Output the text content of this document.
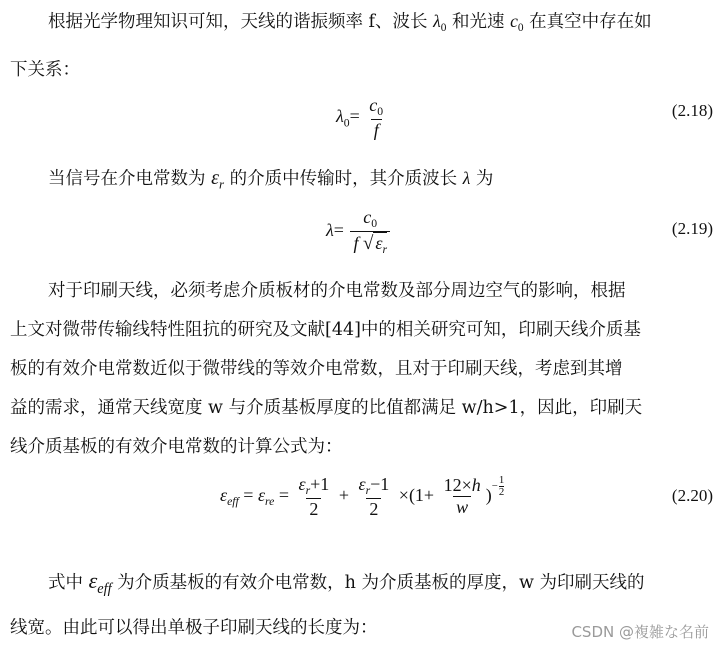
根据光学物理知识可知，天线的谐振频率 f、波长 $\lambda_0$ 和光速 $c_0$ 在真空中存在如
下关系：
$\lambda_0= \frac{c_0}{f}$	(2.18)
当信号在介电常数为 $\varepsilon_r$ 的介质中传输时，其介质波长 λ 为
$\lambda= \frac{c_0}{f √ \varepsilon_r}$	(2.19)
对于印刷天线，必须考虑介质板材的介电常数及部分周边空气的影响，根据
上文对微带传输线特性阻抗的研究及文献[44]中的相关研究可知，印刷天线介质基
板的有效介电常数近似于微带线的等效介电常数，且对于印刷天线，考虑到其增
益的需求，通常天线宽度 w 与介质基板厚度的比值都满足 w/h>1，因此，印刷天
线介质基板的有效介电常数的计算公式为：
$\varepsilon_{eff} = \varepsilon_{re} = \frac{\varepsilon_r+1}{2} + \frac{\varepsilon_r-1}{2} \times(1+ \frac{12\times h}{w}$ ) $^{- \frac{1}{2}}$	(2.20)
式中 $\varepsilon_{eff}$ 为介质基板的有效介电常数，h 为介质基板的厚度，w 为印刷天线的
线宽。由此可以得出单极子印刷天线的长度为：	CSDN @複雑な名前
